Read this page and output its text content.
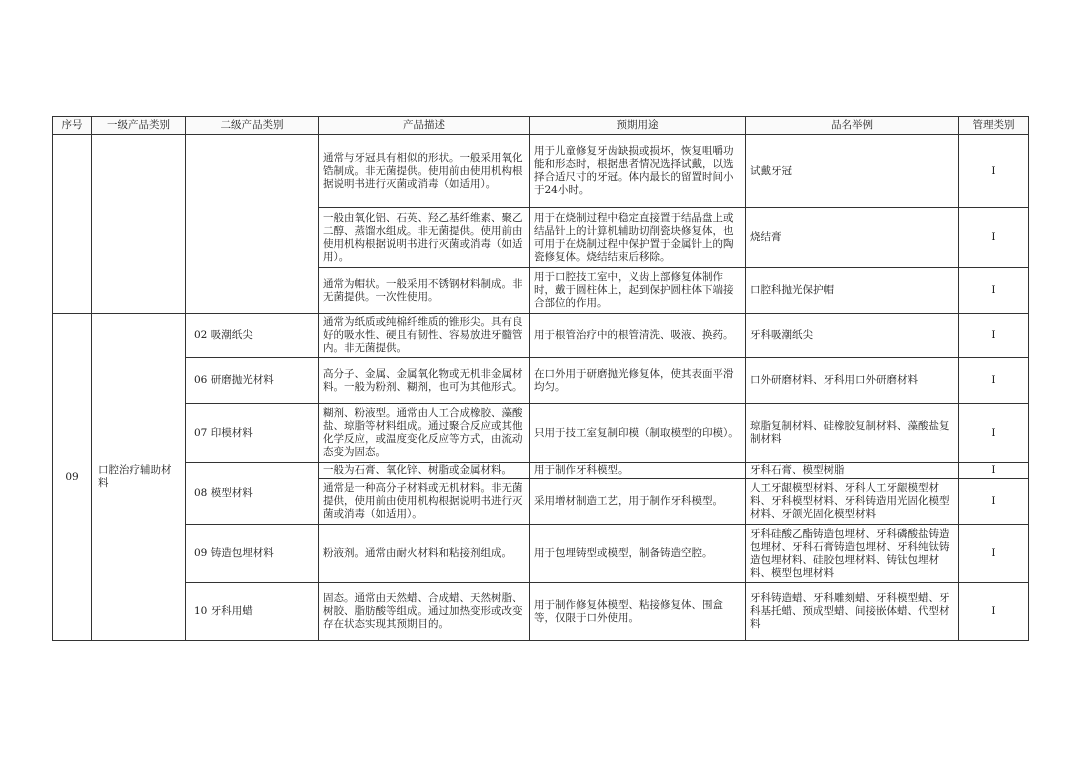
序号	一级产品类别	二级产品类别	产品描述	预期用途	品名举例	管理类别
			通常与牙冠具有相似的形状。一般采用氧化锆制成。非无菌提供。使用前由使用机构根据说明书进行灭菌或消毒（如适用）。	用于儿童修复牙齿缺损或损坏，恢复咀嚼功能和形态时，根据患者情况选择试戴，以选择合适尺寸的牙冠。体内最长的留置时间小于24小时。	试戴牙冠	I
			一般由氧化铝、石英、羟乙基纤维素、聚乙二醇、蒸馏水组成。非无菌提供。使用前由使用机构根据说明书进行灭菌或消毒（如适用）。	用于在烧制过程中稳定直接置于结晶盘上或结晶针上的计算机辅助切削瓷块修复体，也可用于在烧制过程中保护置于金属针上的陶瓷修复体。烧结结束后移除。	烧结膏	I
			通常为帽状。一般采用不锈钢材料制成。非无菌提供。一次性使用。	用于口腔技工室中，义齿上部修复体制作时，戴于圆柱体上，起到保护圆柱体下端接合部位的作用。	口腔科抛光保护帽	I
09	口腔治疗辅助材料	02 吸潮纸尖	通常为纸质或纯棉纤维质的锥形尖。具有良好的吸水性、硬且有韧性、容易放进牙髓管内。非无菌提供。	用于根管治疗中的根管清洗、吸液、换药。	牙科吸潮纸尖	I
		06 研磨抛光材料	高分子、金属、金属氧化物或无机非金属材料。一般为粉剂、糊剂，也可为其他形式。	在口外用于研磨抛光修复体，使其表面平滑均匀。	口外研磨材料、牙科用口外研磨材料	I
		07 印模材料	糊剂、粉液型。通常由人工合成橡胶、藻酸盐、琼脂等材料组成。通过聚合反应或其他化学反应，或温度变化反应等方式，由流动态变为固态。	只用于技工室复制印模（制取模型的印模）。	琼脂复制材料、硅橡胶复制材料、藻酸盐复制材料	I
		08 模型材料	一般为石膏、氧化锌、树脂或金属材料。	用于制作牙科模型。	牙科石膏、模型树脂	I
			通常是一种高分子材料或无机材料。非无菌提供，使用前由使用机构根据说明书进行灭菌或消毒（如适用）。	采用增材制造工艺，用于制作牙科模型。	人工牙龈模型材料、牙科人工牙龈模型材料、牙科模型材料、牙科铸造用光固化模型材料、牙颌光固化模型材料	I
		09 铸造包埋材料	粉液剂。通常由耐火材料和粘接剂组成。	用于包埋铸型或模型，制备铸造空腔。	牙科硅酸乙酯铸造包埋材、牙科磷酸盐铸造包埋材、牙科石膏铸造包埋材、牙科纯钛铸造包埋材料、硅胶包埋材料、铸钛包埋材料、模型包埋材料	I
		10 牙科用蜡	固态。通常由天然蜡、合成蜡、天然树脂、树胶、脂肪酸等组成。通过加热变形或改变存在状态实现其预期目的。	用于制作修复体模型、粘接修复体、围盒等，仅限于口外使用。	牙科铸造蜡、牙科雕刻蜡、牙科模型蜡、牙科基托蜡、预成型蜡、间接嵌体蜡、代型材料	I
